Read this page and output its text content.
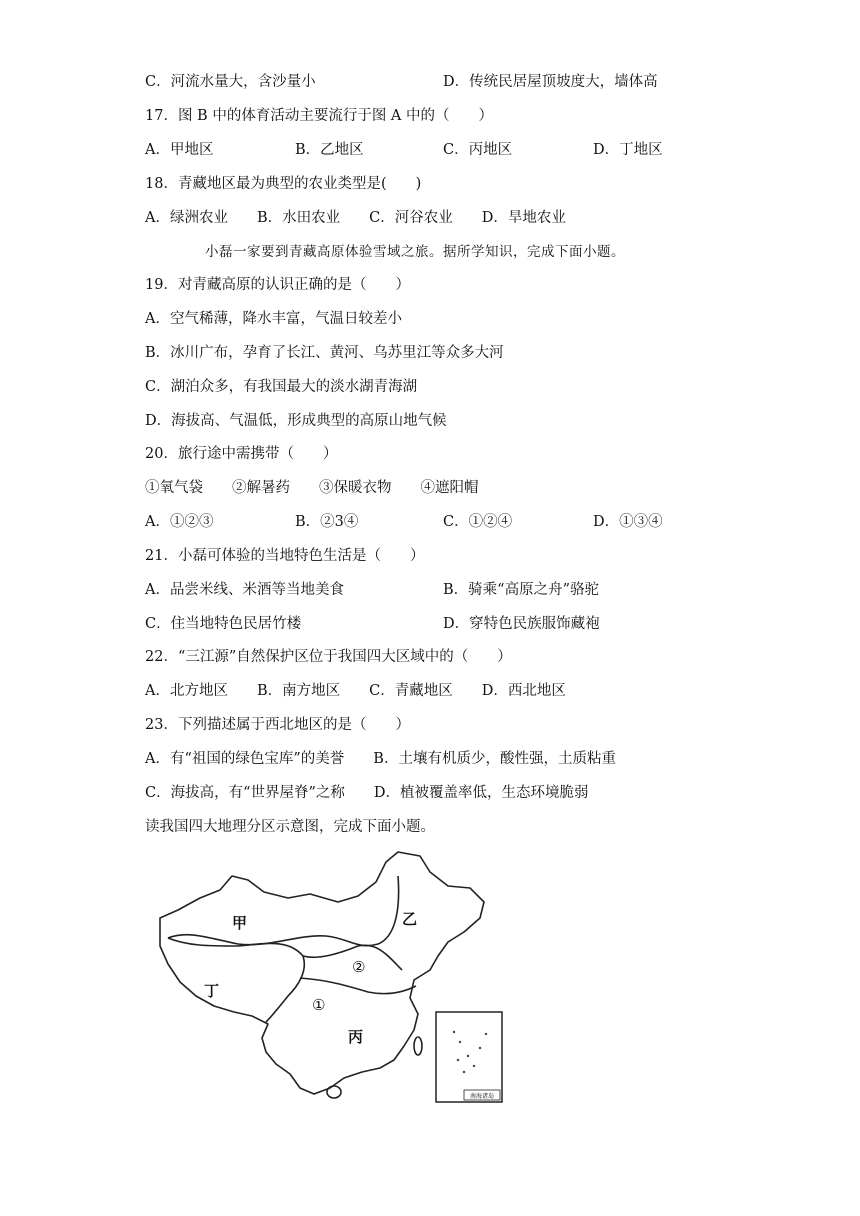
C．河流水量大，含沙量小	D．传统民居屋顶坡度大，墙体高
17．图 B 中的体育活动主要流行于图 A 中的（　　）
A．甲地区	B．乙地区	C．丙地区	D．丁地区
18．青藏地区最为典型的农业类型是(　　)
A．绿洲农业　　B．水田农业　　C．河谷农业　　D．旱地农业
小磊一家要到青藏高原体验雪域之旅。据所学知识，完成下面小题。
19．对青藏高原的认识正确的是（　　）
A．空气稀薄，降水丰富，气温日较差小
B．冰川广布，孕育了长江、黄河、乌苏里江等众多大河
C．湖泊众多，有我国最大的淡水湖青海湖
D．海拔高、气温低，形成典型的高原山地气候
20．旅行途中需携带（　　）
①氧气袋　　②解暑药　　③保暖衣物　　④遮阳帽
A．①②③	B．②3④	C．①②④	D．①③④
21．小磊可体验的当地特色生活是（　　）
A．品尝米线、米酒等当地美食	B．骑乘“高原之舟”骆驼
C．住当地特色民居竹楼	D．穿特色民族服饰藏袍
22．“三江源”自然保护区位于我国四大区域中的（　　）
A．北方地区　　B．南方地区　　C．青藏地区　　D．西北地区
23．下列描述属于西北地区的是（　　）
A．有“祖国的绿色宝库”的美誉　　B．土壤有机质少，酸性强，土质粘重
C．海拔高，有“世界屋脊”之称　　D．植被覆盖率低，生态环境脆弱
读我国四大地理分区示意图，完成下面小题。
南海诸岛
甲	乙
丙
丁
①
②
